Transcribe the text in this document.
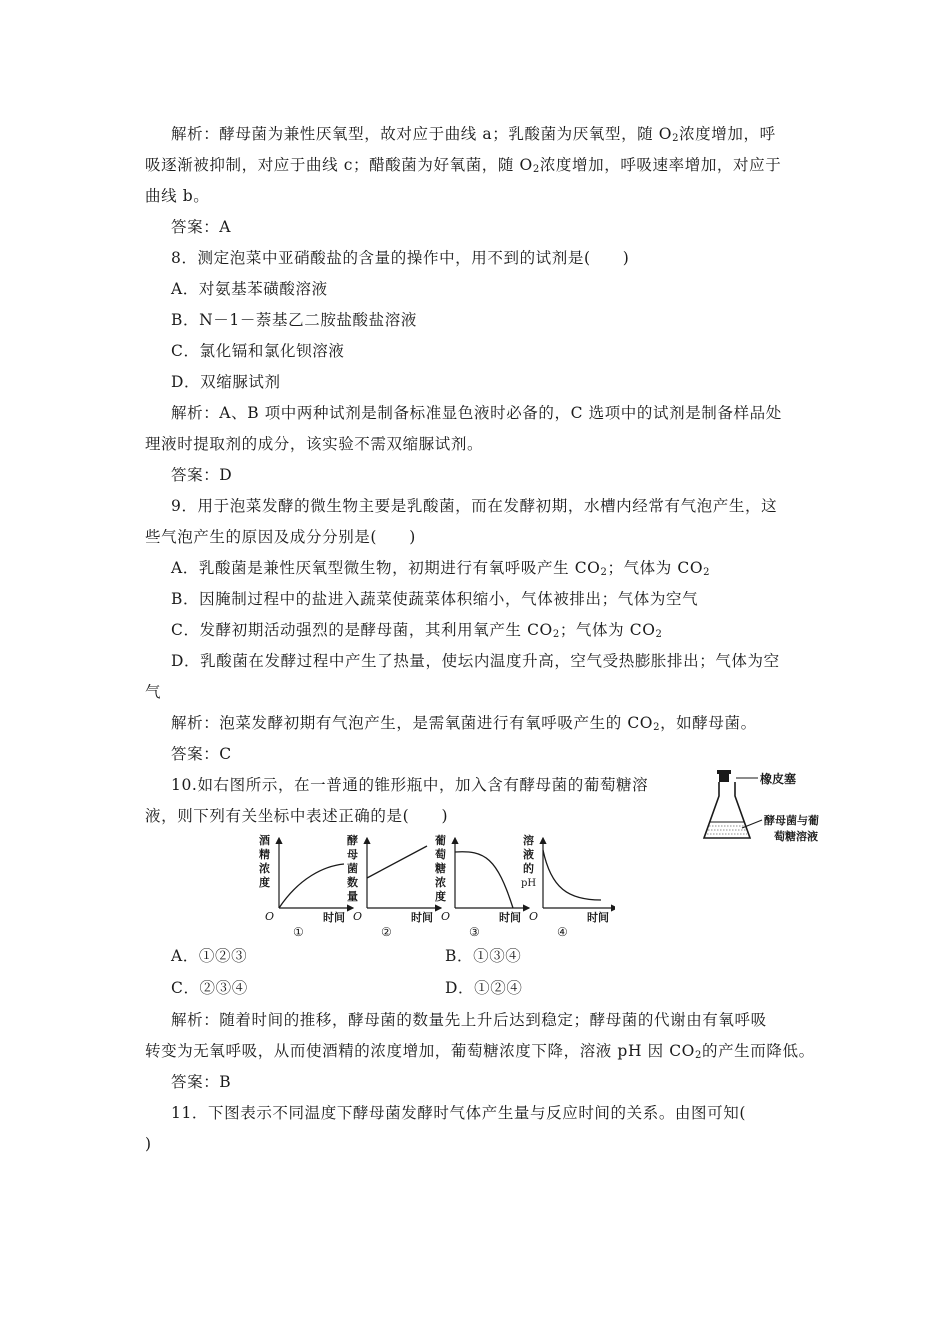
解析：酵母菌为兼性厌氧型，故对应于曲线 a；乳酸菌为厌氧型，随 $O_2$浓度增加，呼
吸逐渐被抑制，对应于曲线 c；醋酸菌为好氧菌，随 $O_2$浓度增加，呼吸速率增加，对应于
曲线 b。
答案：A
8．测定泡菜中亚硝酸盐的含量的操作中，用不到的试剂是(　　)
A．对氨基苯磺酸溶液
B．N－1－萘基乙二胺盐酸盐溶液
C．氯化镉和氯化钡溶液
D．双缩脲试剂
解析：A、B 项中两种试剂是制备标准显色液时必备的，C 选项中的试剂是制备样品处
理液时提取剂的成分，该实验不需双缩脲试剂。
答案：D
9．用于泡菜发酵的微生物主要是乳酸菌，而在发酵初期，水槽内经常有气泡产生，这
些气泡产生的原因及成分分别是(　　)
A．乳酸菌是兼性厌氧型微生物，初期进行有氧呼吸产生 $CO_2$；气体为 $CO_2$
B．因腌制过程中的盐进入蔬菜使蔬菜体积缩小，气体被排出；气体为空气
C．发酵初期活动强烈的是酵母菌，其利用氧产生 $CO_2$；气体为 $CO_2$
D．乳酸菌在发酵过程中产生了热量，使坛内温度升高，空气受热膨胀排出；气体为空
气
解析：泡菜发酵初期有气泡产生，是需氧菌进行有氧呼吸产生的 $CO_2$，如酵母菌。
答案：C
10.如右图所示，在一普通的锥形瓶中，加入含有酵母菌的葡萄糖溶
液，则下列有关坐标中表述正确的是(　　)
橡皮塞
酵母菌与葡
萄糖溶液
酒
精
浓
度
O	时间
①
酵
母
菌
数
量
O	时间
②
葡
萄
糖
浓
度
O	时间
③
溶
液
的
pH
O	时间
④
A．①②③	B．①③④
C．②③④	D．①②④
解析：随着时间的推移，酵母菌的数量先上升后达到稳定；酵母菌的代谢由有氧呼吸
转变为无氧呼吸，从而使酒精的浓度增加，葡萄糖浓度下降，溶液 pH 因 $CO_2$的产生而降低。
答案：B
11．下图表示不同温度下酵母菌发酵时气体产生量与反应时间的关系。由图可知(
)
